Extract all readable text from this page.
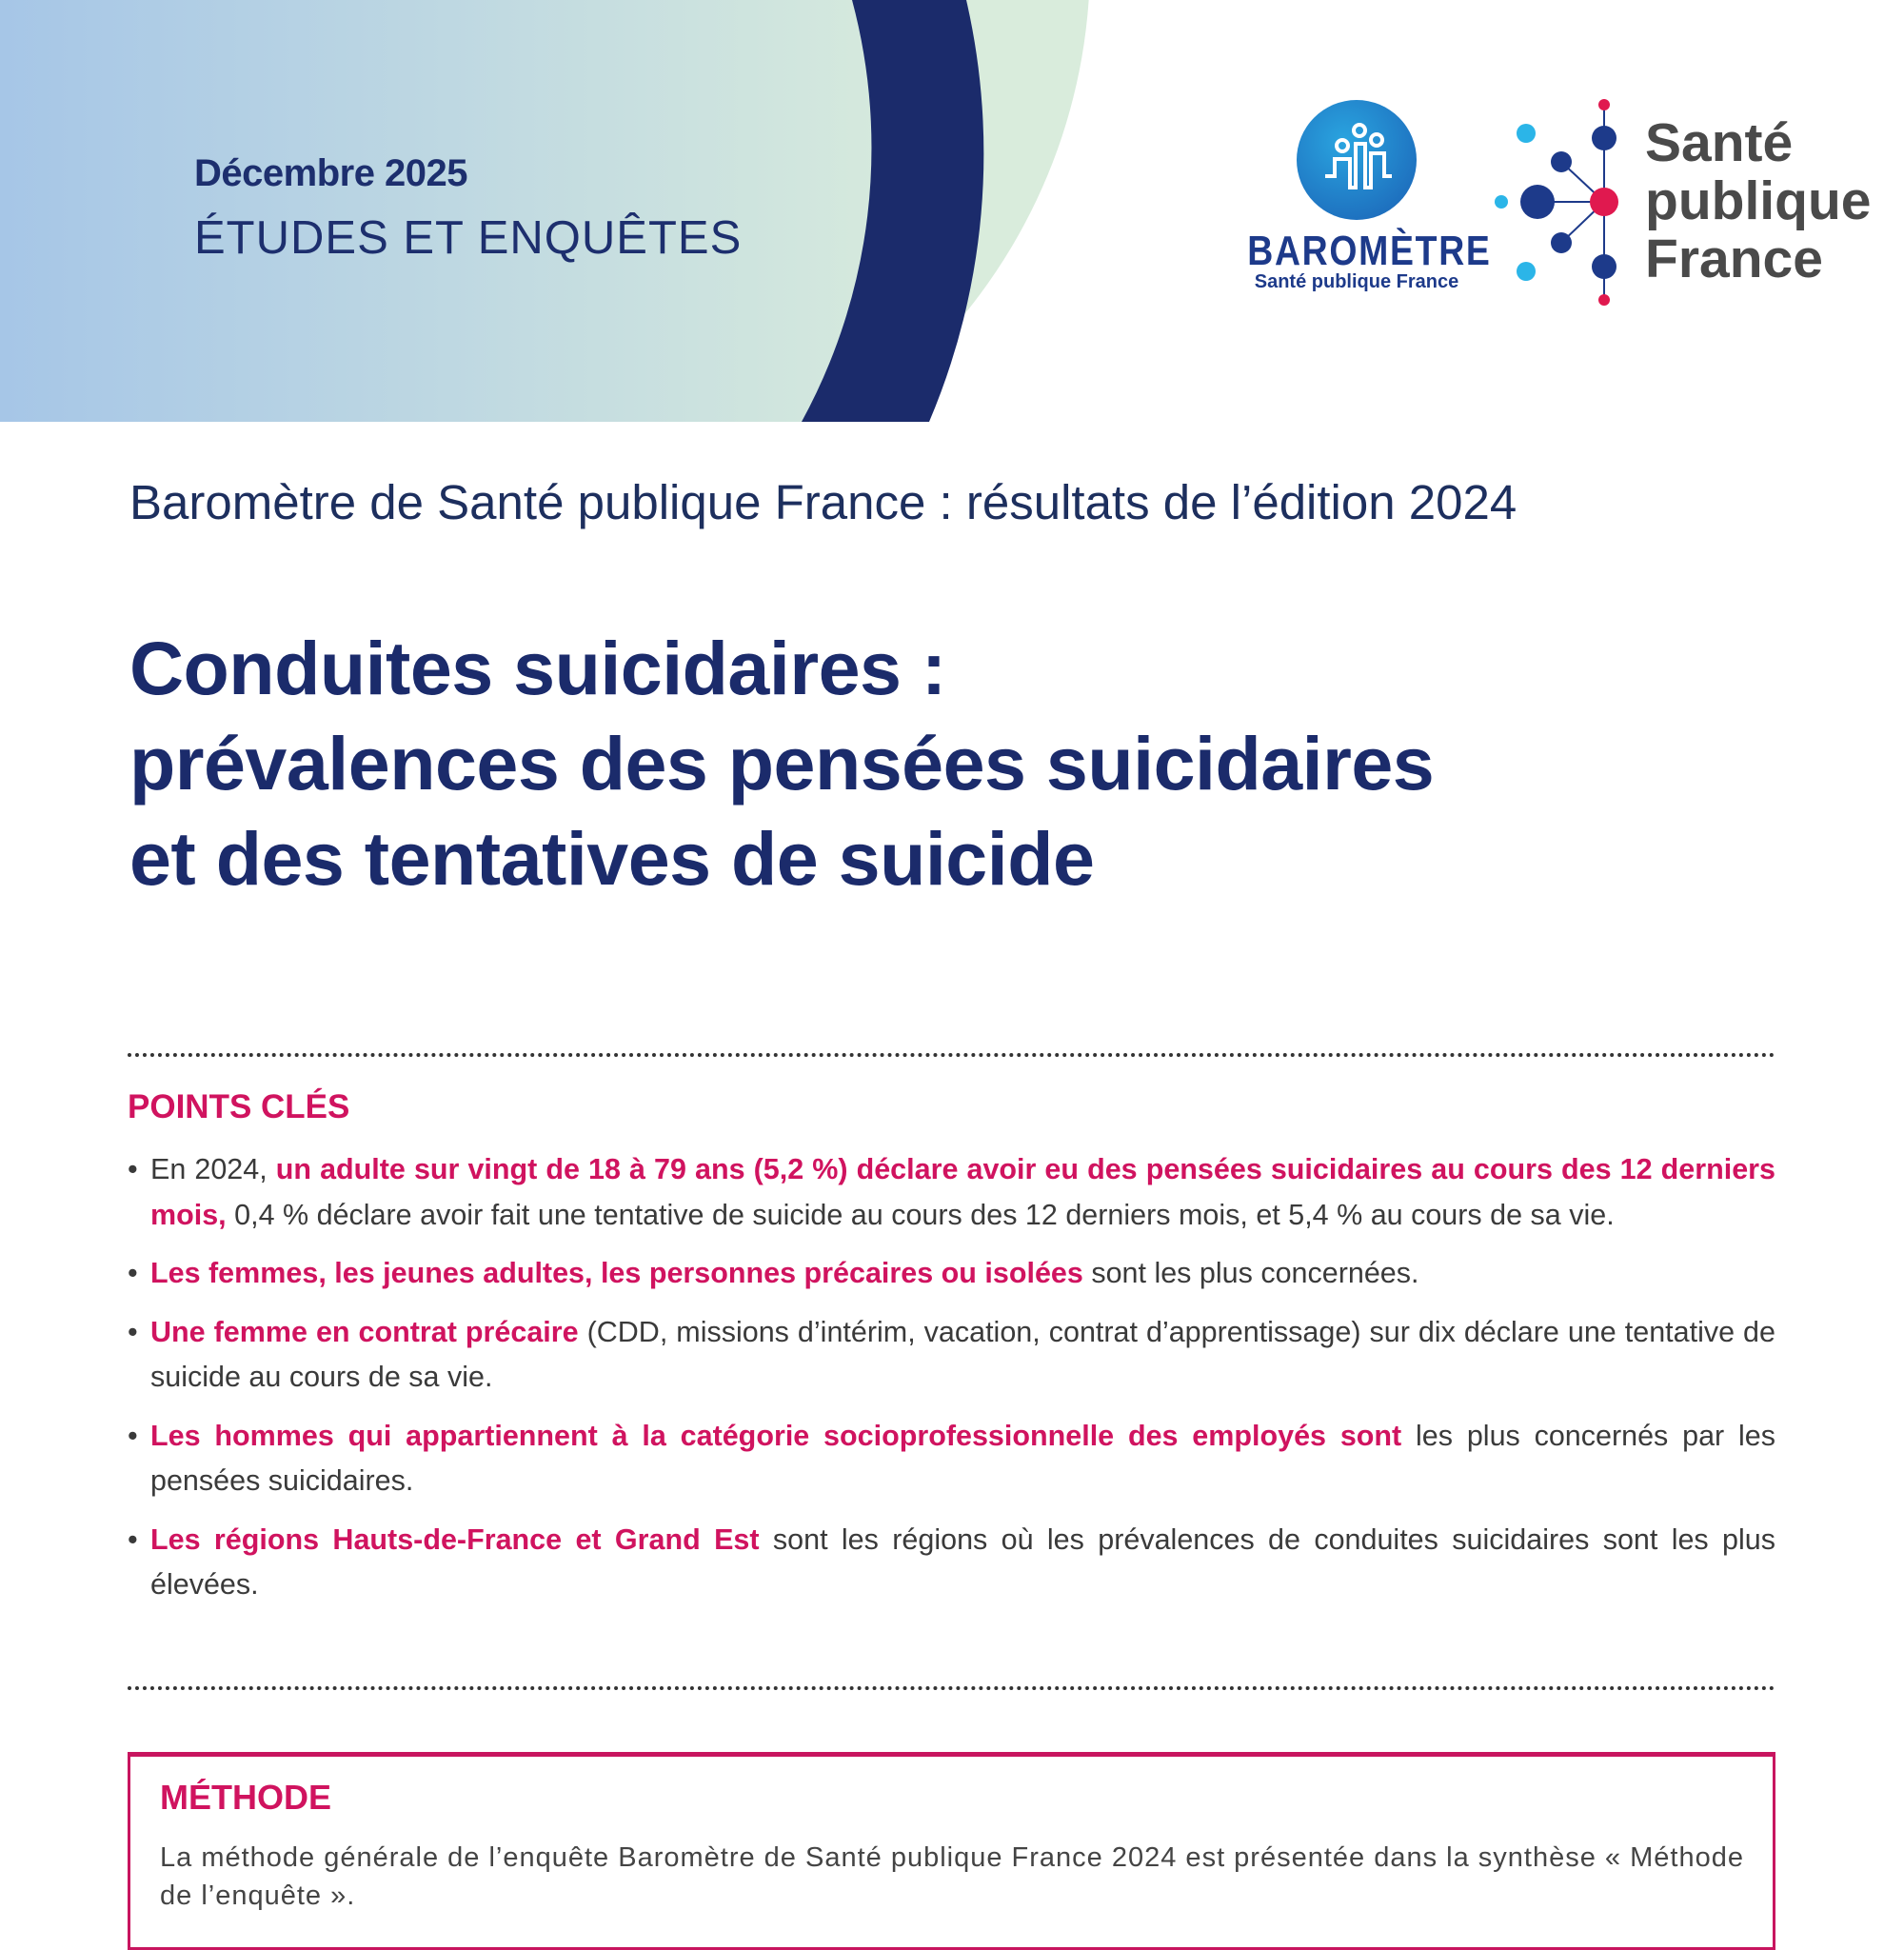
Décembre 2025
ÉTUDES ET ENQUÊTES	BAROMÈTRE
Santé publique France
Santé
publique
France
Baromètre de Santé publique France : résultats de l’édition 2024
Conduites suicidaires :
prévalences des pensées suicidaires
et des tentatives de suicide
POINTS CLÉS
• En 2024, un adulte sur vingt de 18 à 79 ans (5,2 %) déclare avoir eu des pensées suicidaires au cours des 12 derniers mois, 0,4 % déclare avoir fait une tentative de suicide au cours des 12 derniers mois, et 5,4 % au cours de sa vie.
• Les femmes, les jeunes adultes, les personnes précaires ou isolées sont les plus concernées.
• Une femme en contrat précaire (CDD, missions d’intérim, vacation, contrat d’apprentissage) sur dix déclare une tentative de suicide au cours de sa vie.
• Les hommes qui appartiennent à la catégorie socioprofessionnelle des employés sont les plus concernés par les pensées suicidaires.
• Les régions Hauts-de-France et Grand Est sont les régions où les prévalences de conduites suicidaires sont les plus élevées.
MÉTHODE
La méthode générale de l’enquête Baromètre de Santé publique France 2024 est présentée dans la synthèse « Méthode de l’enquête ».
